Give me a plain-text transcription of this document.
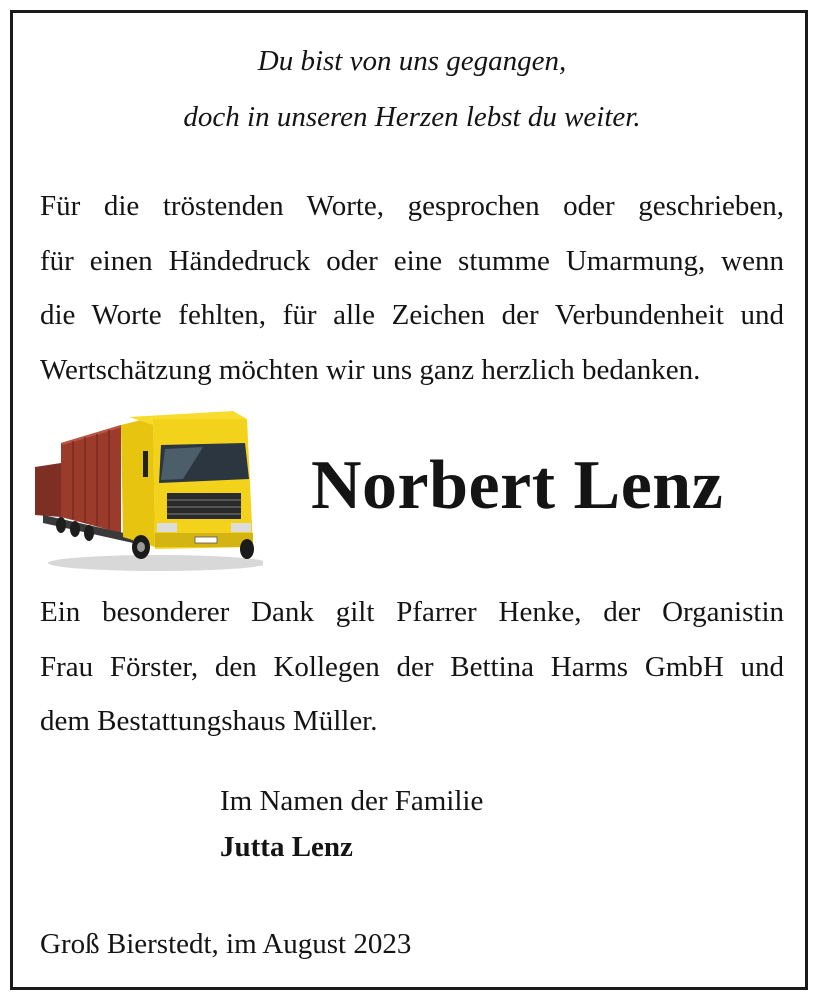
Du bist von uns gegangen,
doch in unseren Herzen lebst du weiter.
Für die tröstenden Worte, gesprochen oder geschrieben,
für einen Händedruck oder eine stumme Umarmung, wenn
die Worte fehlten, für alle Zeichen der Verbundenheit und
Wertschätzung möchten wir uns ganz herzlich bedanken.
Norbert Lenz
Ein besonderer Dank gilt Pfarrer Henke, der Organistin
Frau Förster, den Kollegen der Bettina Harms GmbH und
dem Bestattungshaus Müller.
Im Namen der Familie
Jutta Lenz
Groß Bierstedt, im August 2023
